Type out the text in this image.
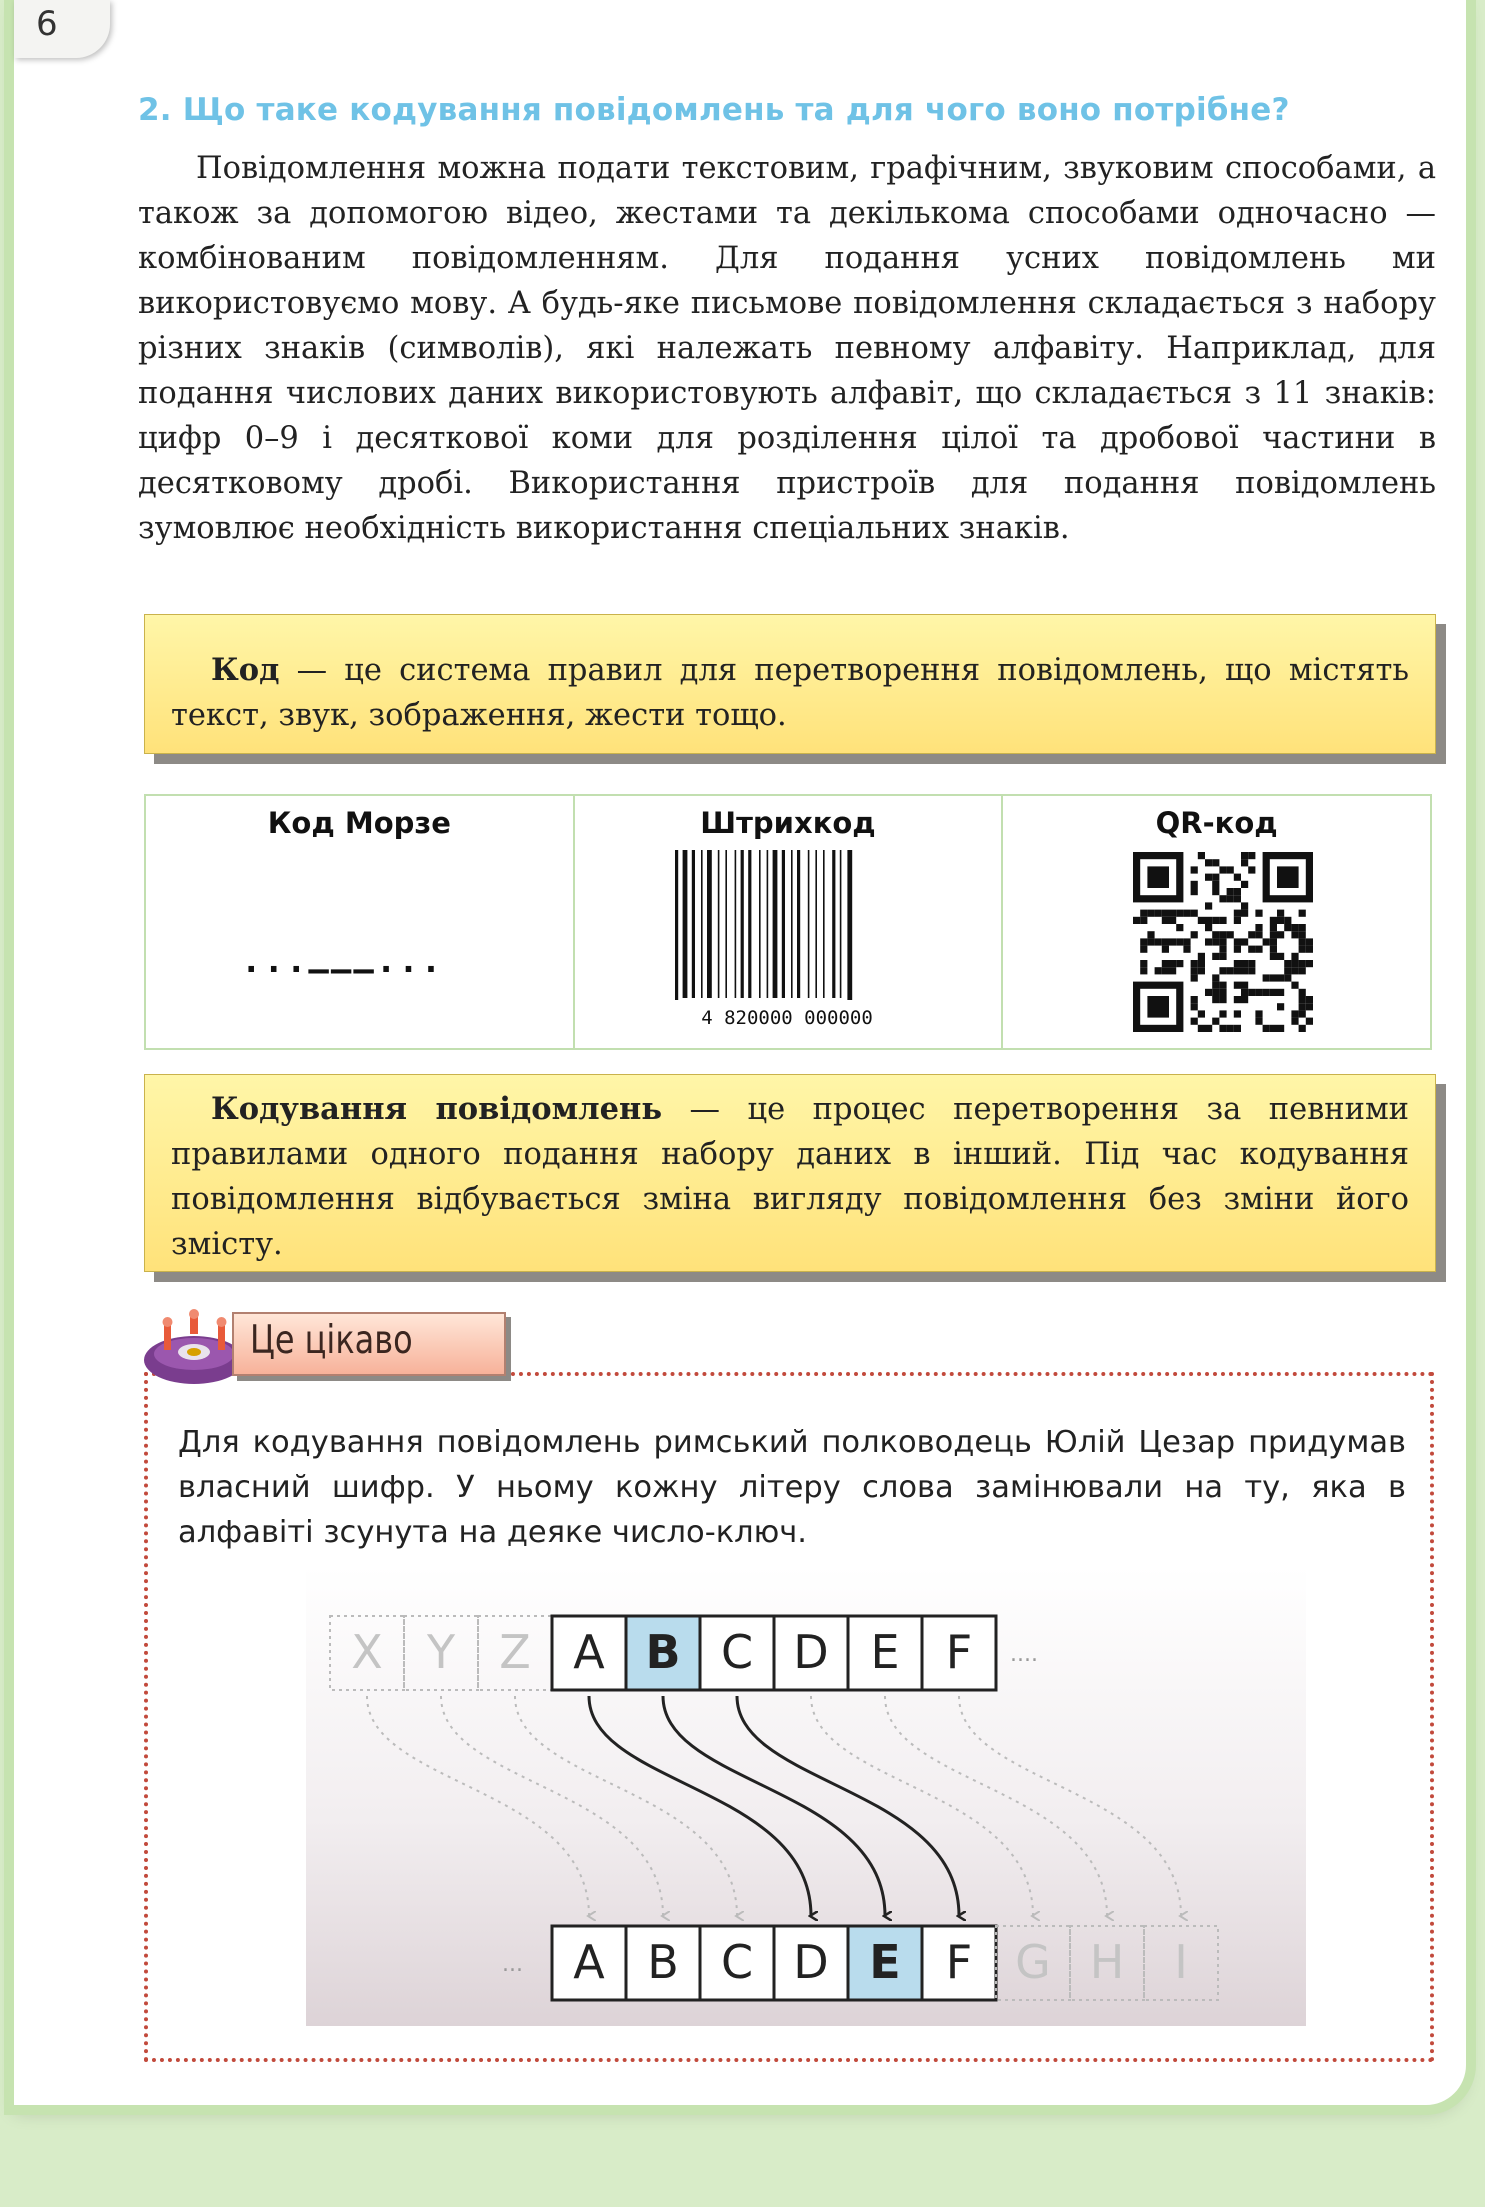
6
2. Що таке кодування повідомлень та для чого воно потрібне?
Повідомлення можна подати текстовим, графічним, звуковим способами, а також за допомогою відео, жестами та декількома способами одночасно — комбінованим повідомленням. Для подання усних повідомлень ми використовуємо мову. А будь-яке письмове повідомлення складається з набору різних знаків (символів), які належать певному алфавіту. Наприклад, для подання числових даних використовують алфавіт, що складається з 11 знаків: цифр 0–9 і десяткової коми для розділення цілої та дробової частини в десятковому дробі. Використання пристроїв для подання повідомлень зумовлює необхідність використання спеціальних знаків.
Код — це система правил для перетворення повідомлень, що містять текст, звук, зображення, жести тощо.
Код Морзе
···———···
Штрихкод
4 820000 000000
QR-код
Кодування повідомлень — це процес перетворення за певними правилами одного подання набору даних в інший. Під час кодування повідомлення відбувається зміна вигляду повідомлення без зміни його змісту.
Для кодування повідомлень римський полководець Юлій Цезар придумав власний шифр. У ньому кожну літеру слова замінювали на ту, яка в алфавіті зсунута на деяке число-ключ.
X Y Z A B C D E F ....
... A B C D E F G H I
Це цікаво
